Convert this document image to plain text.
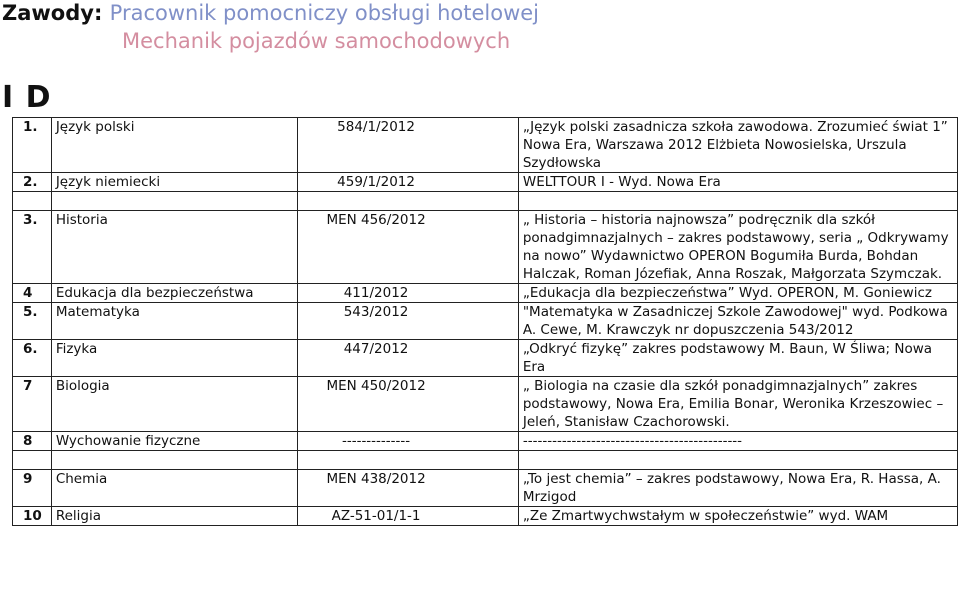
Zawody: Pracownik pomocniczy obsługi hotelowej
Mechanik pojazdów samochodowych
I D
1.	Język polski	584/1/2012	„Język polski zasadnicza szkoła zawodowa. Zrozumieć świat 1” Nowa Era, Warszawa 2012 Elżbieta Nowosielska, Urszula Szydłowska
2.	Język niemiecki	459/1/2012	WELTTOUR I - Wyd. Nowa Era

3.	Historia	MEN 456/2012	„ Historia – historia najnowsza” podręcznik dla szkół ponadgimnazjalnych – zakres podstawowy, seria „ Odkrywamy na nowo” Wydawnictwo OPERON Bogumiła Burda, Bohdan Halczak, Roman Józefiak, Anna Roszak, Małgorzata Szymczak.
4	Edukacja dla bezpieczeństwa	411/2012	„Edukacja dla bezpieczeństwa” Wyd. OPERON, M. Goniewicz
5.	Matematyka	543/2012	"Matematyka w Zasadniczej Szkole Zawodowej" wyd. Podkowa A. Cewe, M. Krawczyk nr dopuszczenia 543/2012
6.	Fizyka	447/2012	„Odkryć fizykę” zakres podstawowy M. Baun, W Śliwa; Nowa Era
7	Biologia	MEN 450/2012	„ Biologia na czasie dla szkół ponadgimnazjalnych” zakres podstawowy, Nowa Era, Emilia Bonar, Weronika Krzeszowiec – Jeleń, Stanisław Czachorowski.
8	Wychowanie fizyczne	--------------	---------------------------------------------

9	Chemia	MEN 438/2012	„To jest chemia” – zakres podstawowy, Nowa Era, R. Hassa, A. Mrzigod
10	Religia	AZ-51-01/1-1	„Ze Zmartwychwstałym w społeczeństwie” wyd. WAM
